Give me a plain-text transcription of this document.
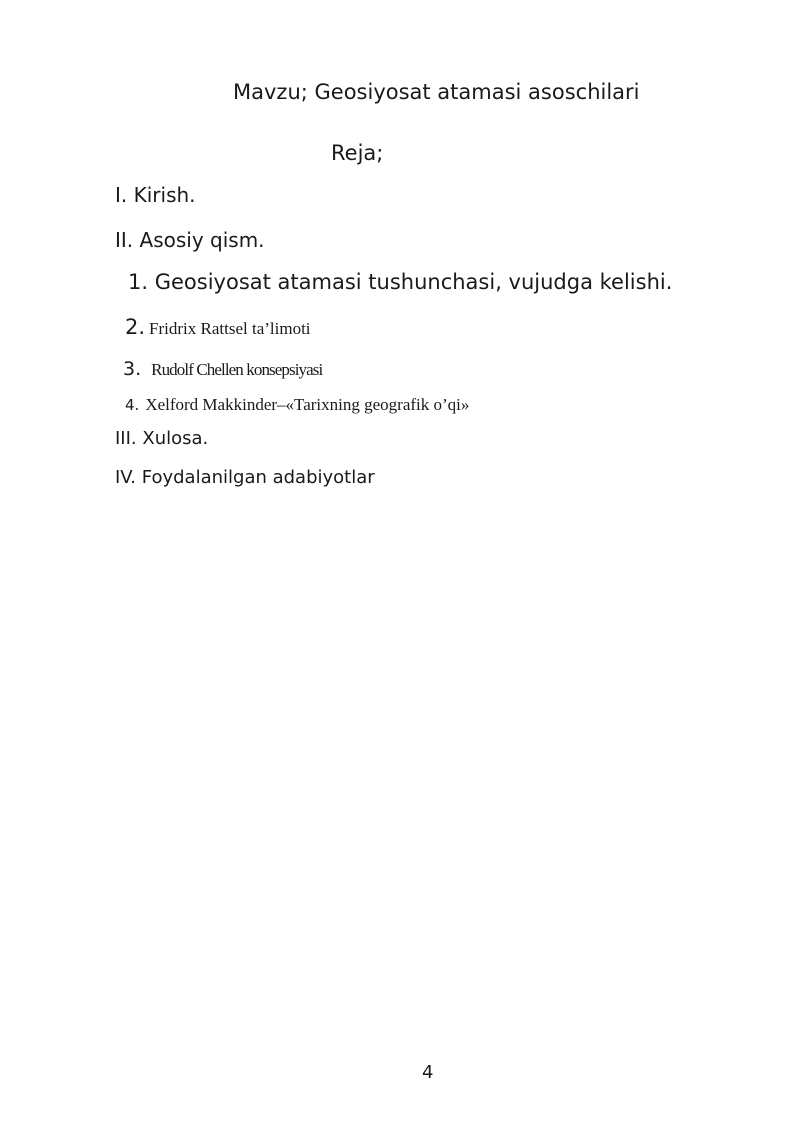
Mavzu; Geosiyosat atamasi asoschilari

Reja;

I. Kirish.

II. Asosiy qism.

1. Geosiyosat atamasi tushunchasi, vujudga kelishi.

2. Fridrix Rattsel ta’limoti

3. Rudolf Chellen konsepsiyasi

4. Xelford Makkinder–«Tarixning geografik o’qi»

III. Xulosa.

IV. Foydalanilgan adabiyotlar

4
